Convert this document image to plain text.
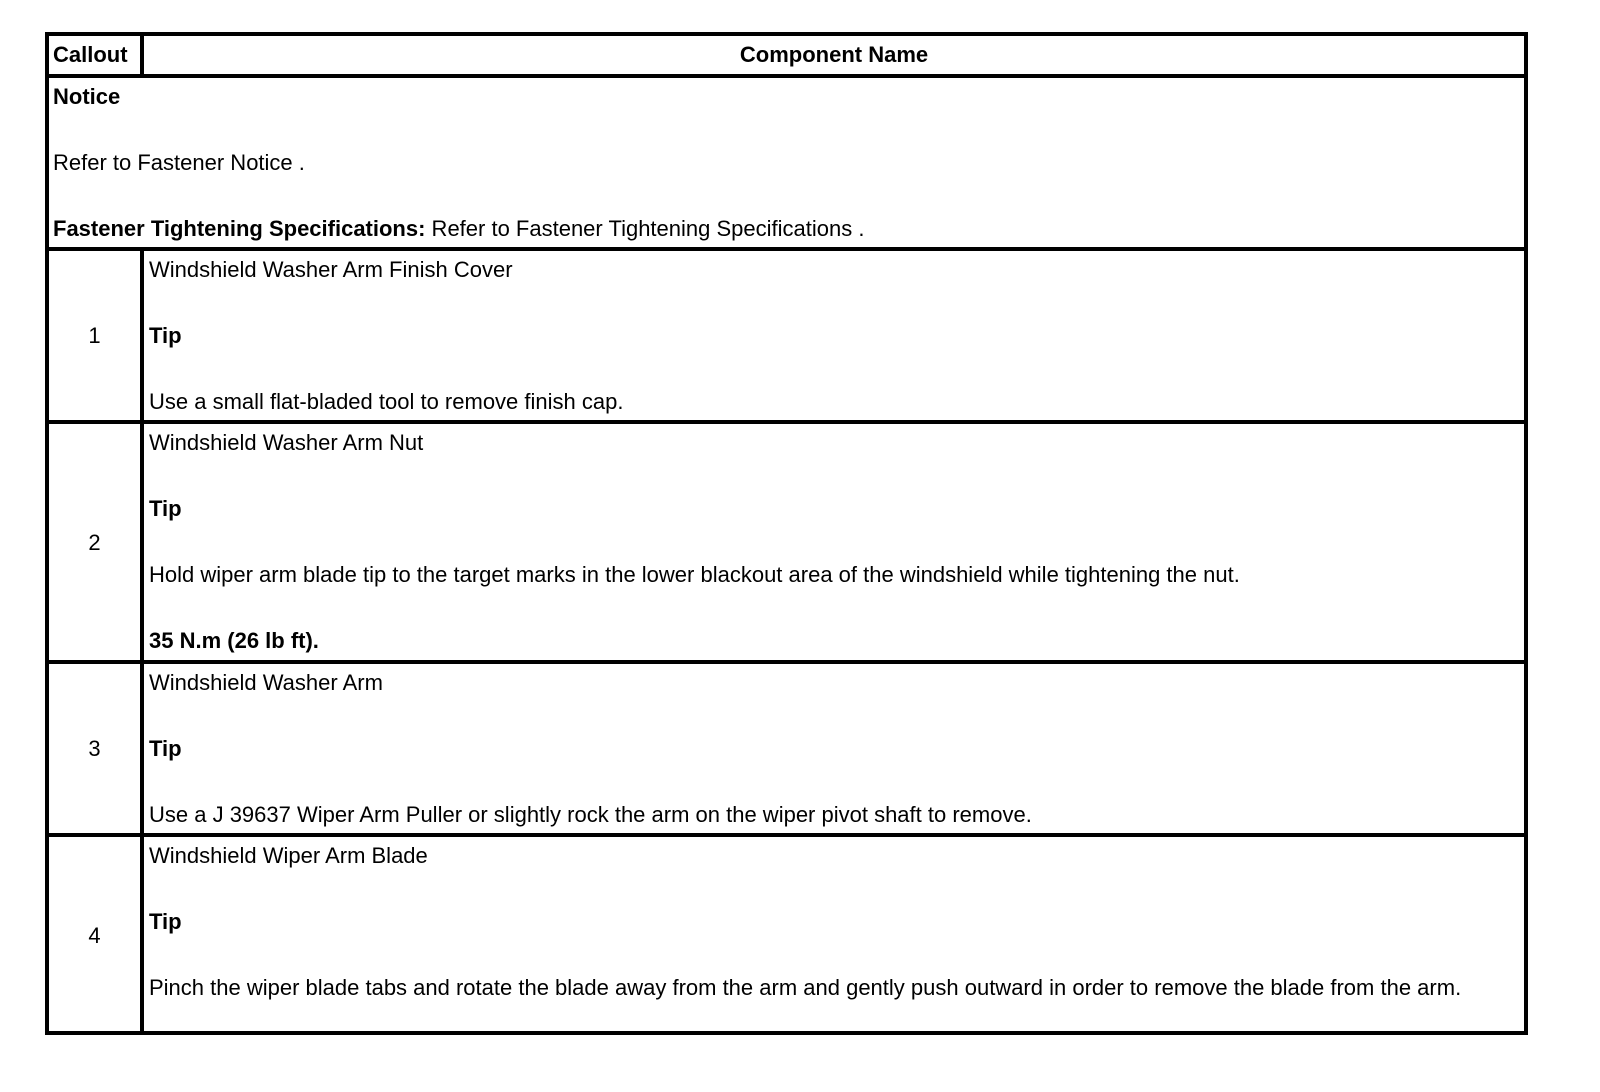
Callout	Component Name
Notice
Refer to Fastener Notice .
Fastener Tightening Specifications: Refer to Fastener Tightening Specifications .
1
Windshield Washer Arm Finish Cover
Tip
Use a small flat-bladed tool to remove finish cap.
2
Windshield Washer Arm Nut
Tip
Hold wiper arm blade tip to the target marks in the lower blackout area of the windshield while tightening the nut.
35 N.m (26 lb ft).
3
Windshield Washer Arm
Tip
Use a J 39637 Wiper Arm Puller or slightly rock the arm on the wiper pivot shaft to remove.
4
Windshield Wiper Arm Blade
Tip
Pinch the wiper blade tabs and rotate the blade away from the arm and gently push outward in order to remove the blade from the arm.
